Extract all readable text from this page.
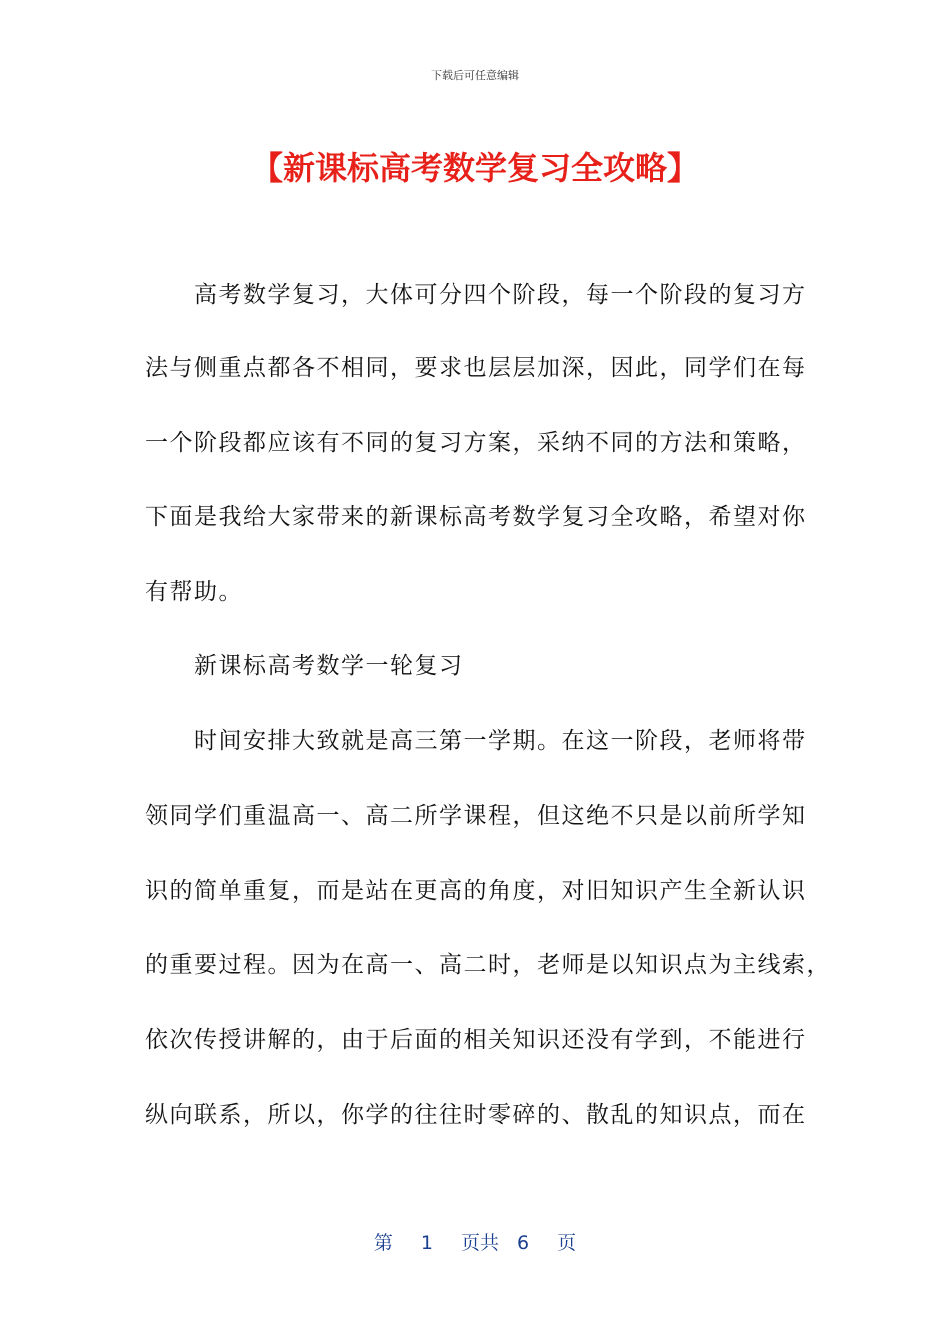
下载后可任意编辑
【新课标高考数学复习全攻略】
　　高考数学复习，大体可分四个阶段，每一个阶段的复习方
法与侧重点都各不相同，要求也层层加深，因此，同学们在每
一个阶段都应该有不同的复习方案，采纳不同的方法和策略，
下面是我给大家带来的新课标高考数学复习全攻略，希望对你
有帮助。
　　新课标高考数学一轮复习
　　时间安排大致就是高三第一学期。在这一阶段，老师将带
领同学们重温高一、高二所学课程，但这绝不只是以前所学知
识的简单重复，而是站在更高的角度，对旧知识产生全新认识
的重要过程。因为在高一、高二时，老师是以知识点为主线索，
依次传授讲解的，由于后面的相关知识还没有学到，不能进行
纵向联系，所以，你学的往往时零碎的、散乱的知识点，而在
第 1 页共 6 页
